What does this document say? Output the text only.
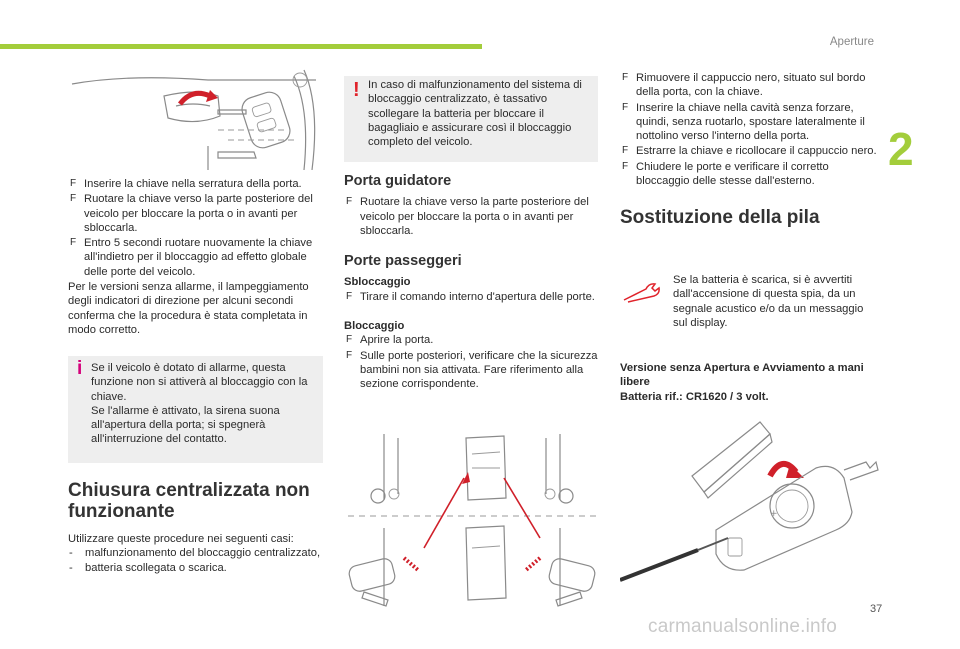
Aperture
2
F Inserire la chiave nella serratura della porta.
F Ruotare la chiave verso la parte posteriore del veicolo per bloccare la porta o in avanti per sbloccarla.
F Entro 5 secondi ruotare nuovamente la chiave all'indietro per il bloccaggio ad effetto globale delle porte del veicolo.

Per le versioni senza allarme, il lampeggiamento degli indicatori di direzione per alcuni secondi conferma che la procedura è stata completata in modo corretto.

i Se il veicolo è dotato di allarme, questa funzione non si attiverà al bloccaggio con la chiave.

Se l'allarme è attivato, la sirena suona all'apertura della porta; si spegnerà all'interruzione del contatto.

Chiusura centralizzata non funzionante

Utilizzare queste procedure nei seguenti casi:

- malfunzionamento del bloccaggio centralizzato,
- batteria scollegata o scarica.
! In caso di malfunzionamento del sistema di bloccaggio centralizzato, è tassativo scollegare la batteria per bloccare il bagagliaio e assicurare così il bloccaggio completo del veicolo.

Porta guidatore
F Ruotare la chiave verso la parte posteriore del veicolo per bloccare la porta o in avanti per sbloccarla.
Porte passeggeri
Sbloccaggio
F Tirare il comando interno d'apertura delle porte.
Bloccaggio
F Aprire la porta.
F Sulle porte posteriori, verificare che la sicurezza bambini non sia attivata. Fare riferimento alla sezione corrispondente.
F Rimuovere il cappuccio nero, situato sul bordo della porta, con la chiave.
F Inserire la chiave nella cavità senza forzare, quindi, senza ruotarlo, spostare lateralmente il nottolino verso l'interno della porta.
F Estrarre la chiave e ricollocare il cappuccio nero.
F Chiudere le porte e verificare il corretto bloccaggio delle stesse dall'esterno.
Sostituzione della pila

Se la batteria è scarica, si è avvertiti dall'accensione di questa spia, da un segnale acustico e/o da un messaggio sul display.

Versione senza Apertura e Avviamento a mani libere

Batteria rif.: CR1620 / 3 volt.

+
37
carmanualsonline.info
